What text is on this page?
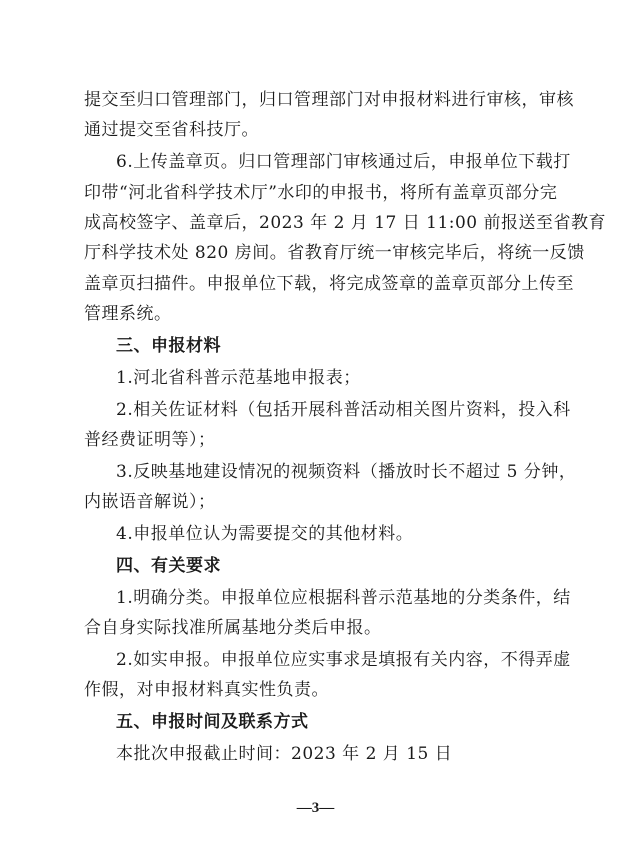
提交至归口管理部门，归口管理部门对申报材料进行审核，审核
通过提交至省科技厅。
6.上传盖章页。归口管理部门审核通过后，申报单位下载打
印带“河北省科学技术厅”水印的申报书，将所有盖章页部分完
成高校签字、盖章后，2023 年 2 月 17 日 11:00 前报送至省教育
厅科学技术处 820 房间。省教育厅统一审核完毕后，将统一反馈
盖章页扫描件。申报单位下载，将完成签章的盖章页部分上传至
管理系统。
三、申报材料
1.河北省科普示范基地申报表；
2.相关佐证材料（包括开展科普活动相关图片资料，投入科
普经费证明等）；
3.反映基地建设情况的视频资料（播放时长不超过 5 分钟，
内嵌语音解说）；
4.申报单位认为需要提交的其他材料。
四、有关要求
1.明确分类。申报单位应根据科普示范基地的分类条件，结
合自身实际找准所属基地分类后申报。
2.如实申报。申报单位应实事求是填报有关内容，不得弄虚
作假，对申报材料真实性负责。
五、申报时间及联系方式
本批次申报截止时间：2023 年 2 月 15 日
—3—
